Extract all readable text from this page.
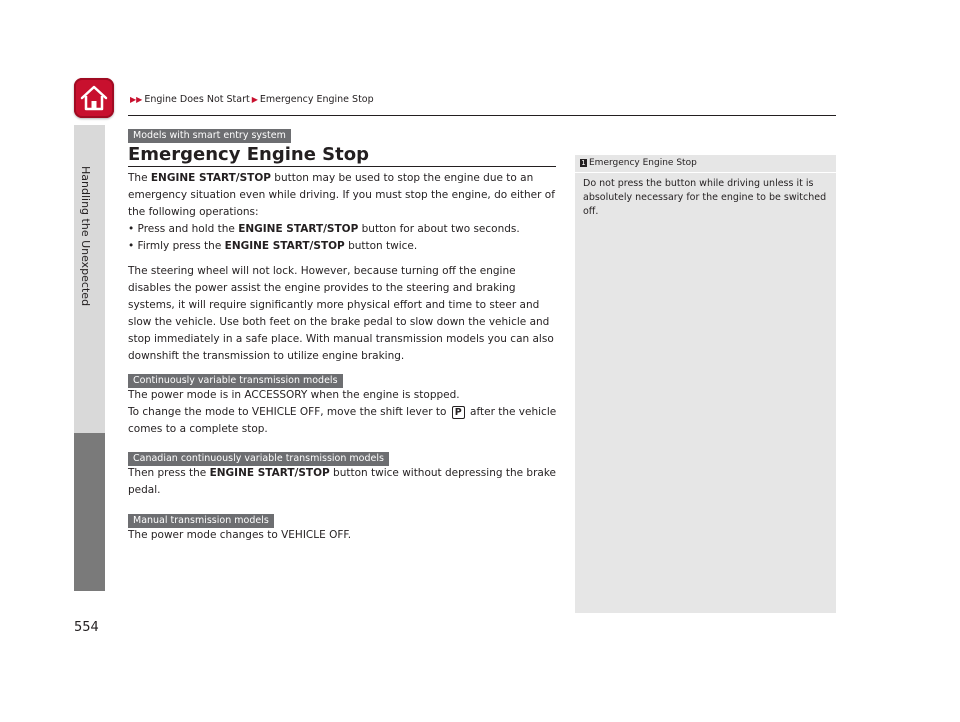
▶▶ Engine Does Not Start ▶ Emergency Engine Stop
Handling the Unexpected
554
Models with smart entry system
Emergency Engine Stop
The ENGINE START/STOP button may be used to stop the engine due to an emergency situation even while driving. If you must stop the engine, do either of the following operations:
• Press and hold the ENGINE START/STOP button for about two seconds.
• Firmly press the ENGINE START/STOP button twice.
The steering wheel will not lock. However, because turning off the engine disables the power assist the engine provides to the steering and braking systems, it will require significantly more physical effort and time to steer and slow the vehicle. Use both feet on the brake pedal to slow down the vehicle and stop immediately in a safe place. With manual transmission models you can also downshift the transmission to utilize engine braking.
Continuously variable transmission models
The power mode is in ACCESSORY when the engine is stopped.
To change the mode to VEHICLE OFF, move the shift lever to P after the vehicle comes to a complete stop.
Canadian continuously variable transmission models
Then press the ENGINE START/STOP button twice without depressing the brake pedal.
Manual transmission models
The power mode changes to VEHICLE OFF.
1 Emergency Engine Stop
Do not press the button while driving unless it is absolutely necessary for the engine to be switched off.
